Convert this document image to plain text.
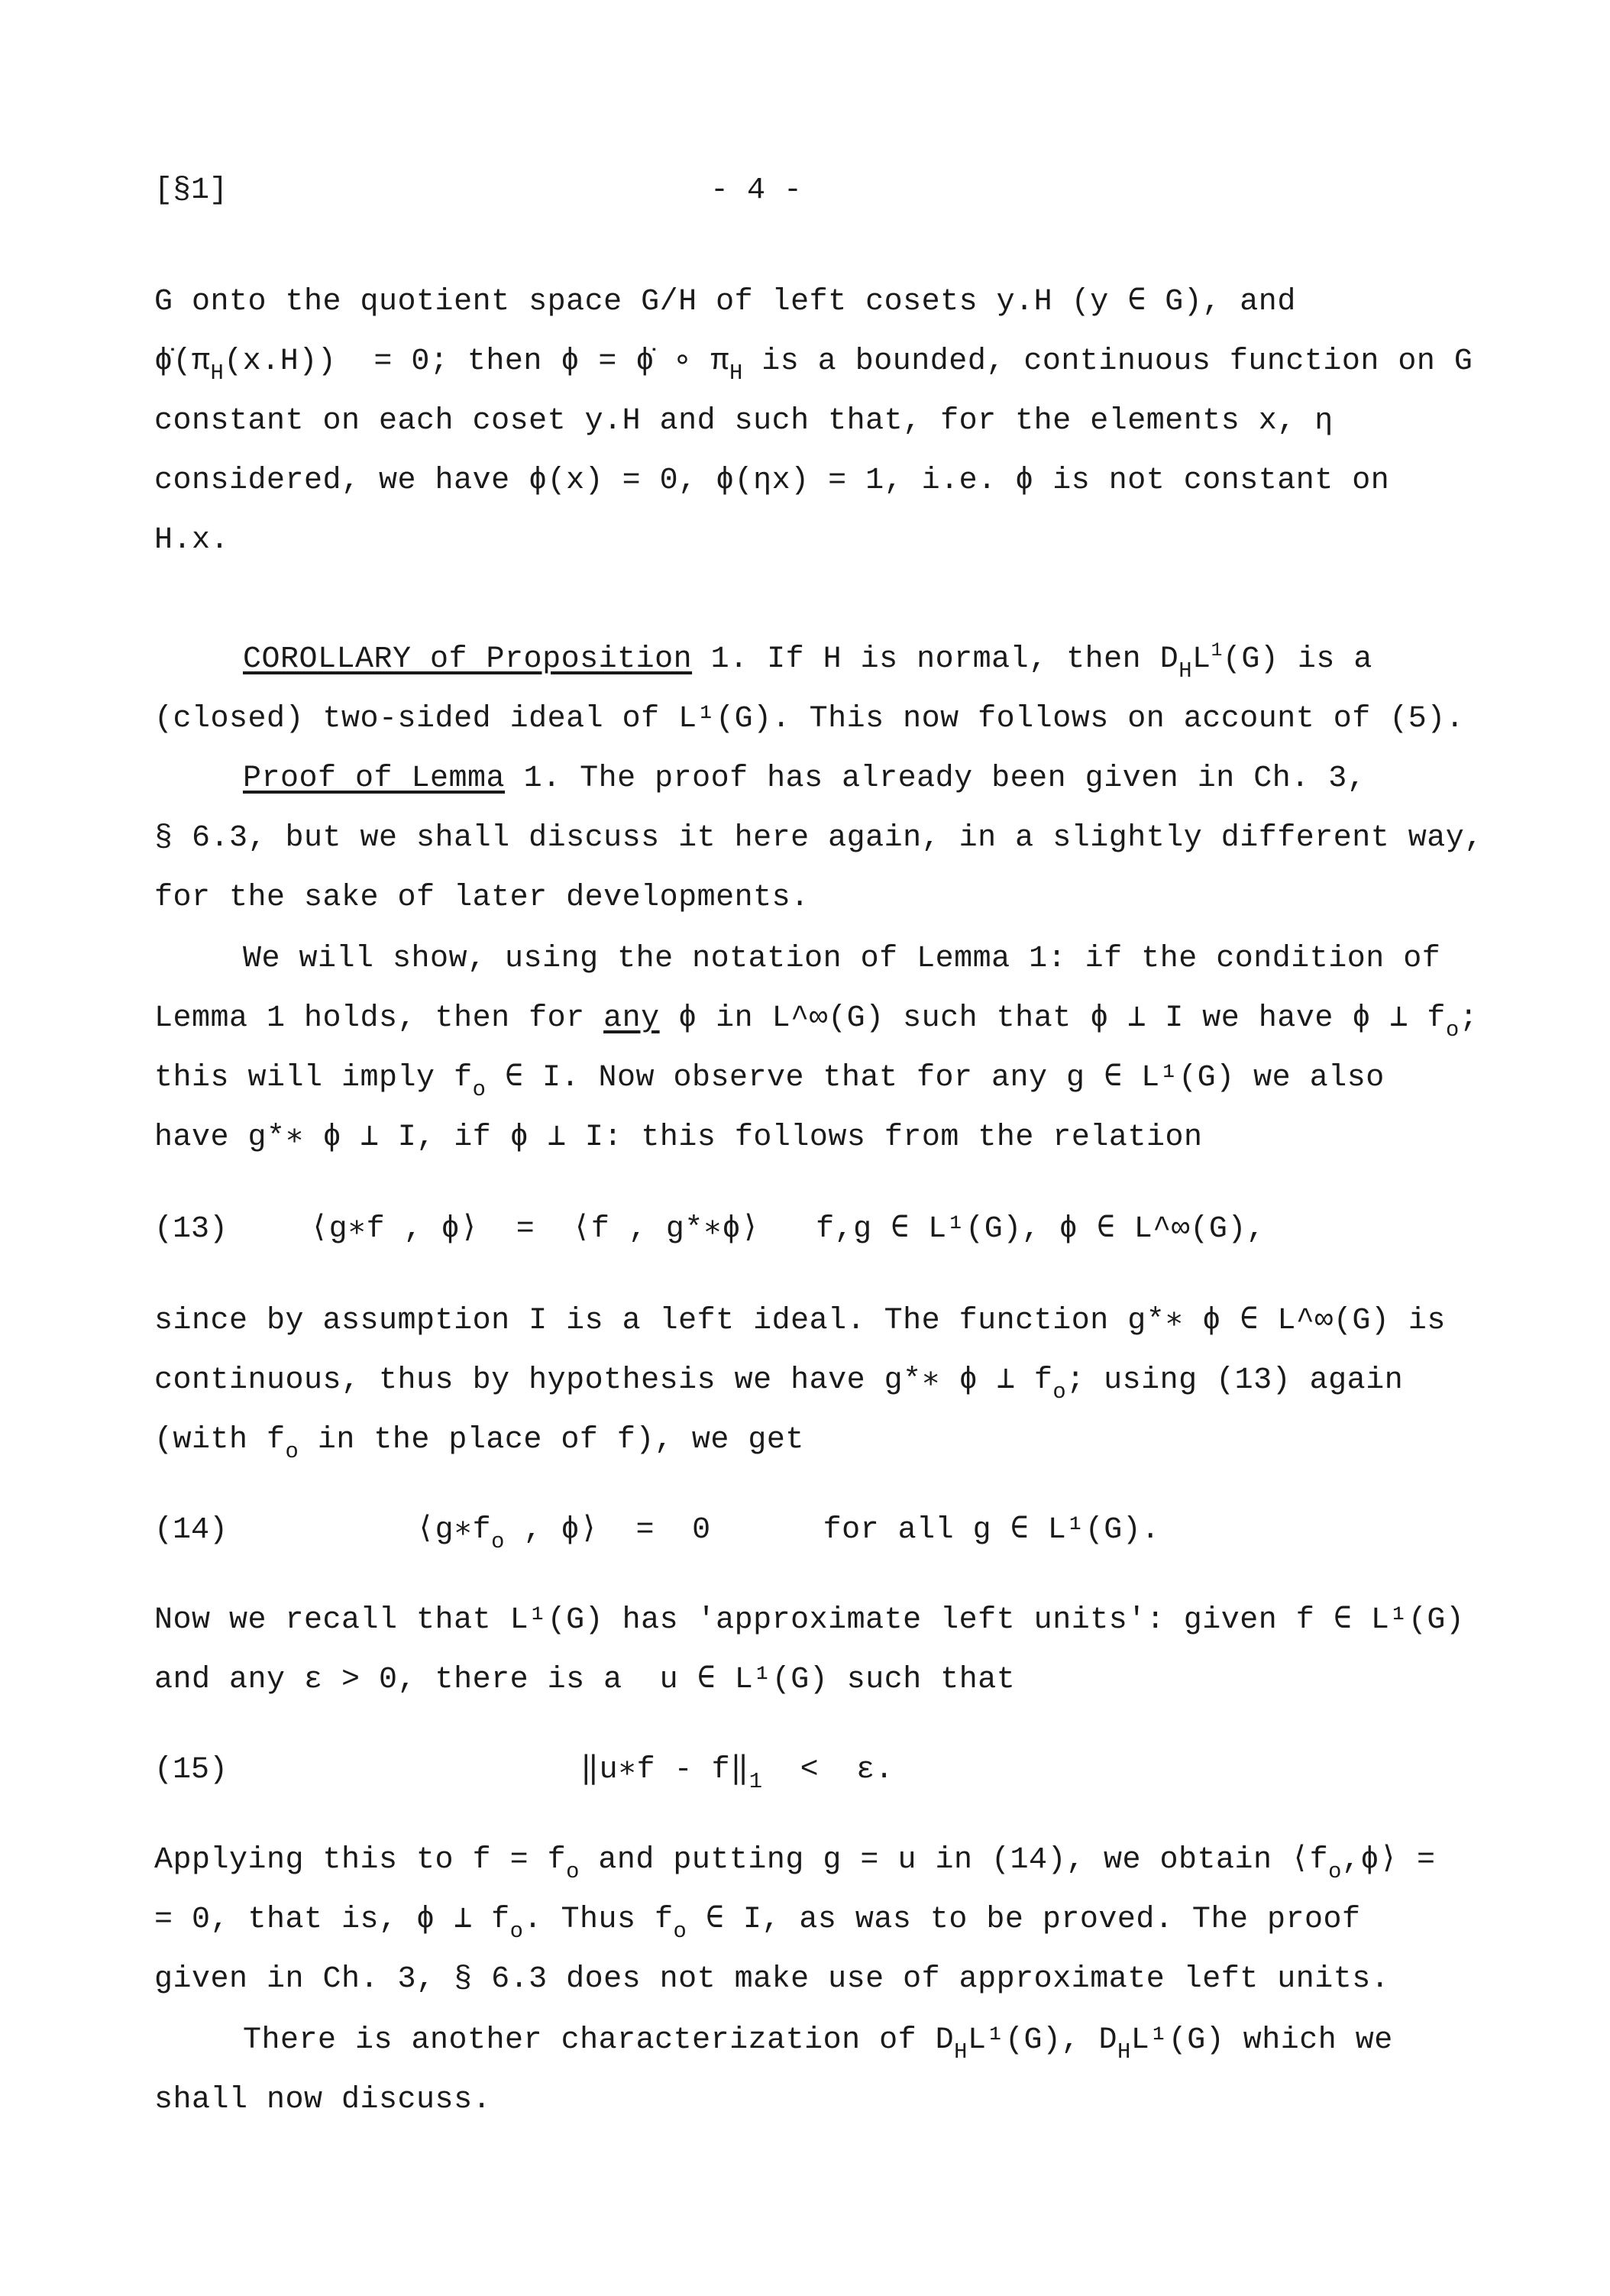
[§1]	- 4 -
G onto the quotient space G/H of left cosets y.H (y ∈ G), and
$\phi̇(\pi_H(x.H)) = 0$; then ϕ = ϕ̇ ∘ $\pi_H$ is a bounded, continuous function on G
constant on each coset y.H and such that, for the elements x, η
considered, we have ϕ(x) = 0, ϕ(ηx) = 1, i.e. ϕ is not constant on
H.x.
COROLLARY of Proposition 1. If H is normal, then $D_HL^1(G)$ is a
(closed) two-sided ideal of L¹(G). This now follows on account of (5).
Proof of Lemma 1. The proof has already been given in Ch. 3,
§ 6.3, but we shall discuss it here again, in a slightly different way,
for the sake of later developments.
We will show, using the notation of Lemma 1: if the condition of
Lemma 1 holds, then for any ϕ in L^∞(G) such that ϕ ⊥ I we have ϕ ⊥ $f_o$;
this will imply $f_o$ ∈ I. Now observe that for any g ∈ L¹(G) we also
have g*∗ ϕ ⊥ I, if ϕ ⊥ I: this follows from the relation
(13)	⟨g∗f , ϕ⟩  =  ⟨f , g*∗ϕ⟩   f,g ∈ L¹(G), ϕ ∈ L^∞(G),
since by assumption I is a left ideal. The function g*∗ ϕ ∈ L^∞(G) is
continuous, thus by hypothesis we have g*∗ ϕ ⊥ $f_o$; using (13) again
(with $f_o$ in the place of f), we get
(14)	$⟨g∗f_o$ , ϕ⟩  =  0      for all g ∈ L¹(G).
Now we recall that L¹(G) has 'approximate left units': given f ∈ L¹(G)
and any ε > 0, there is a  u ∈ L¹(G) such that
(15)	‖u∗f - $f‖_1 < \varepsilon$.
Applying this to $f = f_o$ and putting g = u in (14), we obtain $⟨f_o,\phi⟩$ =
= 0, that is, ϕ ⊥ $f_o$. Thus $f_o$ ∈ I, as was to be proved. The proof
given in Ch. 3, § 6.3 does not make use of approximate left units.
There is another characterization of $D_HL^1(G)$, $D_HL^1(G)$ which we
shall now discuss.
